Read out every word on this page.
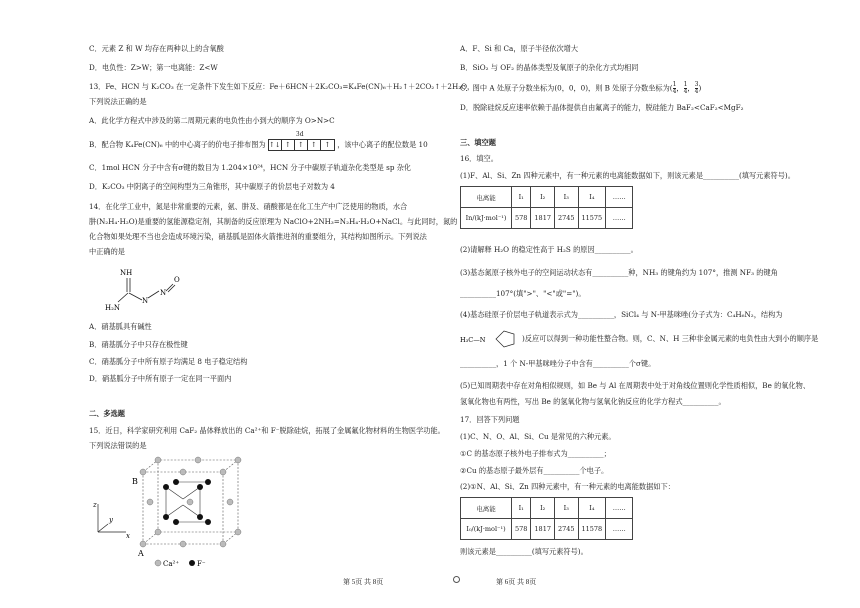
C．元素 Z 和 W 均存在两种以上的含氧酸
D．电负性：Z>W；第一电离能：Z<W
13．Fe、HCN 与 K₂CO₃ 在一定条件下发生如下反应：Fe＋6HCN＋2K₂CO₃=K₄Fe(CN)₆＋H₂↑＋2CO₂↑＋2H₂O，
下列说法正确的是
A．此化学方程式中涉及的第二周期元素的电负性由小到大的顺序为 O>N>C
B．配合物 K₄Fe(CN)₆ 中的中心离子的价电子排布图为
3d
↑↓ ↑ ↑ ↑ ↑ ，该中心离子的配位数是 10
C．1mol HCN 分子中含有σ键的数目为 1.204×10²⁴，HCN 分子中碳原子轨道杂化类型是 sp 杂化
D．K₂CO₃ 中阴离子的空间构型为三角锥形，其中碳原子的价层电子对数为 4
14．在化学工业中，氮是非常重要的元素，氨、肼及、硝酸都是在化工生产中广泛使用的物质，水合
肼(N₂H₄·H₂O)是重要的氢能源稳定剂，其制备的反应原理为 NaClO+2NH₃=N₂H₄·H₂O+NaCl。与此同时，氮的
化合物如果处理不当也会造成环境污染，硝基胍是固体火箭推进剂的重要组分，其结构如图所示。下列说法
中正确的是
NH
H₂N
N
N
O
A．硝基胍具有碱性
B．硝基胍分子中只存在极性键
C．硝基胍分子中所有原子均满足 8 电子稳定结构
D．硝基胍分子中所有原子一定在同一平面内
二、多选题
15．近日，科学家研究利用 CaF₂ 晶体释放出的 Ca²⁺和 F⁻脱除硅烷，拓展了金属氟化物材料的生物医学功能。
下列说法错误的是
z
y
x
B
A
Ca²⁺	F⁻
第 5页 共 8页
A．F、Si 和 Ca，原子半径依次增大
B．SiO₂ 与 OF₂ 的晶体类型及氧原子的杂化方式均相同
C．图中 A 处原子分数坐标为(0，0，0)，则 B 处原子分数坐标为( $\frac{1}{4}$ ， $\frac{1}{4}$ ， $\frac{3}{4}$ )
D．脱除硅烷反应速率依赖于晶体提供自由氟离子的能力，脱硅能力 BaF₂<CaF₂<MgF₂
三、填空题
16．填空。
(1)F、Al、Si、Zn 四种元素中，有一种元素的电离能数据如下，则该元素是__________(填写元素符号)。
电离能	I₁	I₂	I₃	I₄	……
In/(kJ·mol⁻¹)	578	1817	2745	11575	……
(2)请解释 H₂O 的稳定性高于 H₂S 的原因__________。
(3)基态氮原子核外电子的空间运动状态有__________种，NH₃ 的键角约为 107°，推测 NF₃ 的键角
__________107°(填">"、"<"或"=")。
(4)基态硅原子价层电子轨道表示式为__________，SiCl₄ 与 N-甲基咪唑(分子式为：C₄H₆N₂，结构为
H₃C—N	)反应可以得到一种功能性螯合物。则，C、N、H 三种非金属元素的电负性由大到小的顺序是
__________，1 个 N-甲基咪唑分子中含有__________个σ键。
(5)已知周期表中存在对角相似规则，如 Be 与 Al 在周期表中处于对角线位置则化学性质相似，Be 的氧化物、
氢氧化物也有两性，写出 Be 的氢氧化物与氢氧化钠反应的化学方程式__________。
17．回答下列问题
(1)C、N、O、Al、Si、Cu 是常见的六种元素。
①C 的基态原子核外电子排布式为__________；
②Cu 的基态原子最外层有__________个电子。
(2)①N、Al、Si、Zn 四种元素中，有一种元素的电离能数据如下：
电离能	I₁	I₂	I₃	I₄	……
I₀/(kJ·mol⁻¹)	578	1817	2745	11578	……
则该元素是__________(填写元素符号)。
第 6页 共 8页
